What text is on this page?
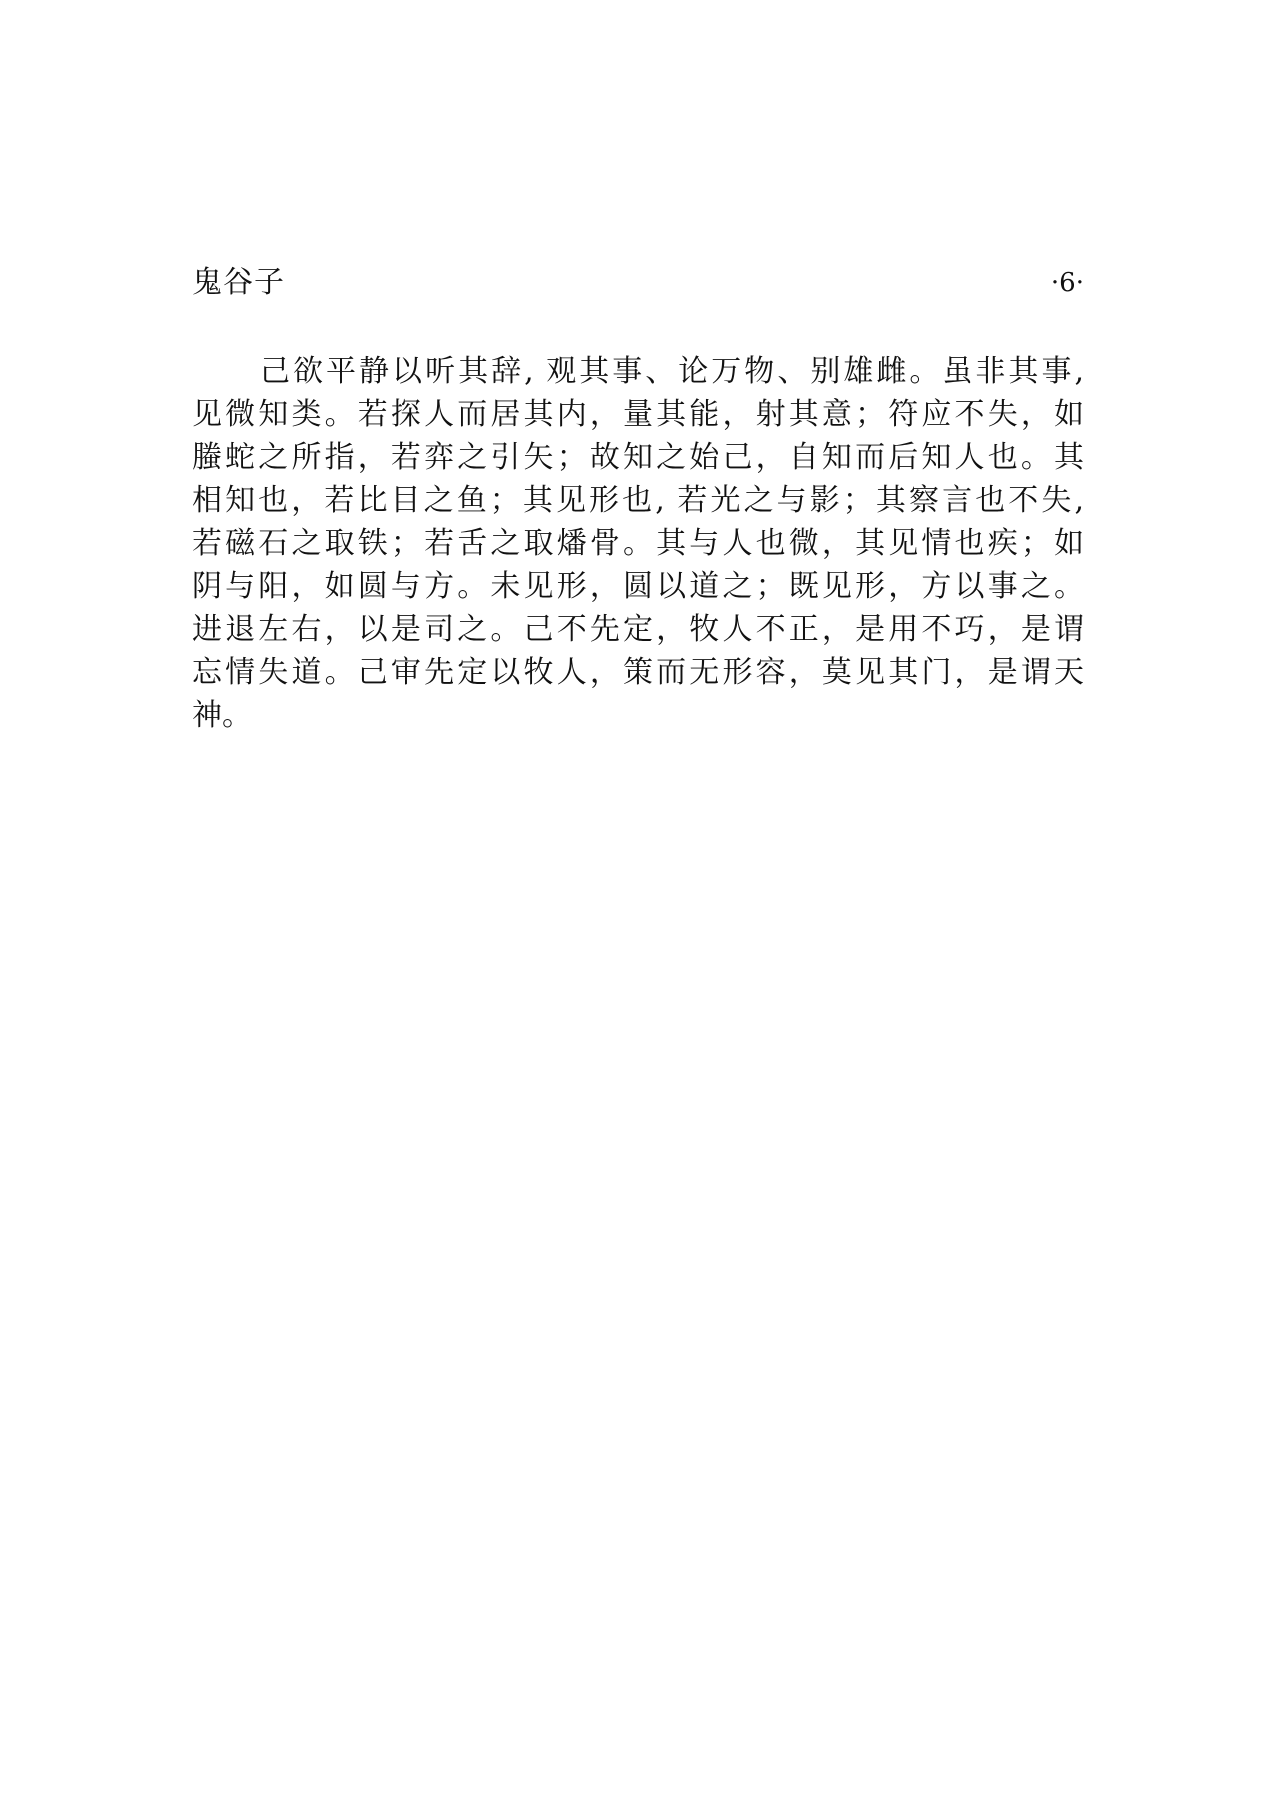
鬼谷子	·6·
己欲平静以听其辞, 观其事、论万物、别雄雌。虽非其事,
见微知类。若探人而居其内，量其能，射其意；符应不失，如
螣蛇之所指，若弈之引矢；故知之始己，自知而后知人也。其
相知也，若比目之鱼；其见形也, 若光之与影；其察言也不失,
若磁石之取铁；若舌之取燔骨。其与人也微，其见情也疾；如
阴与阳，如圆与方。未见形，圆以道之；既见形，方以事之。
进退左右，以是司之。己不先定，牧人不正，是用不巧，是谓
忘情失道。己审先定以牧人，策而无形容，莫见其门，是谓天
神。
